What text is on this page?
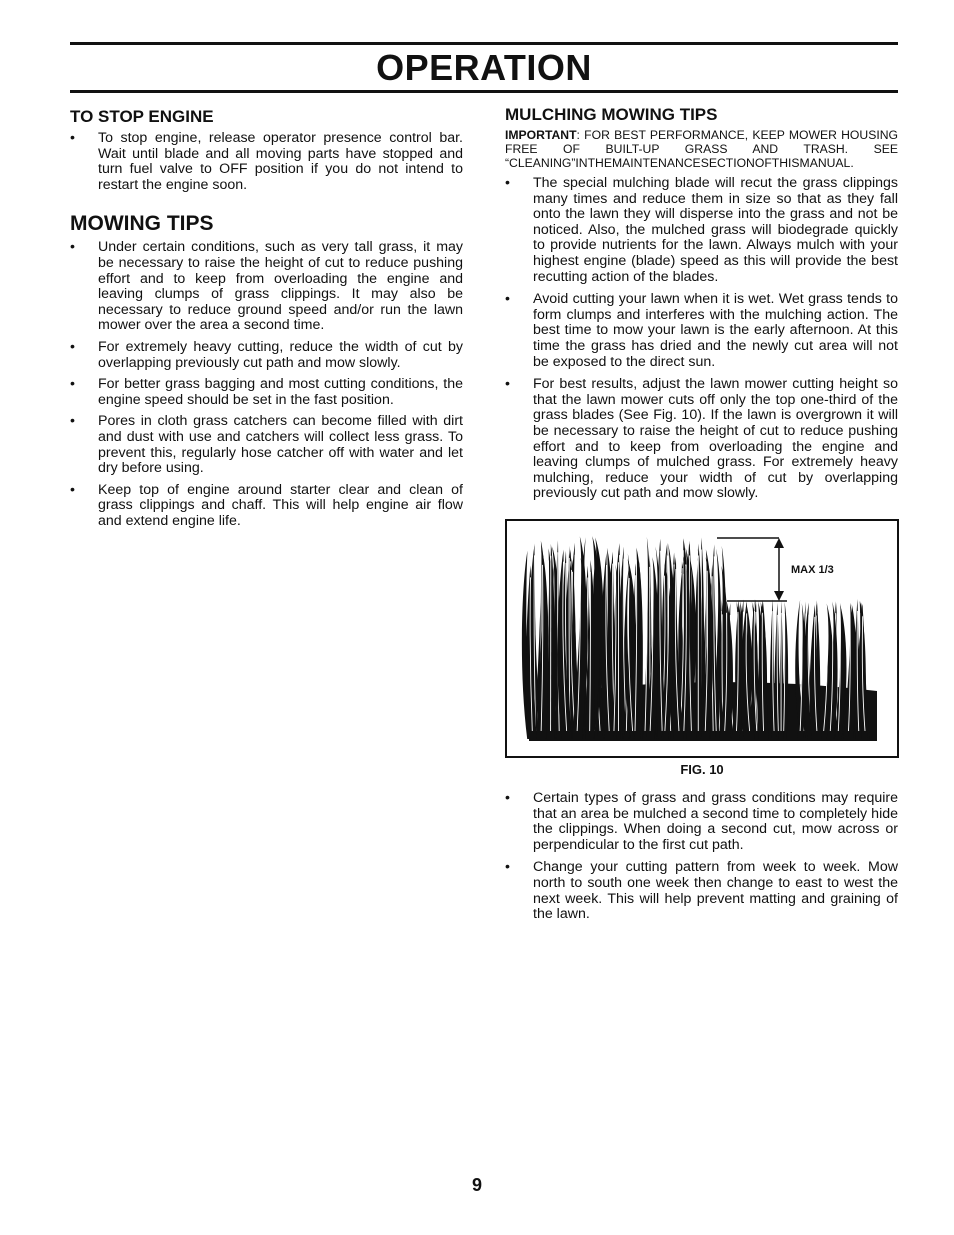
OPERATION
TO STOP ENGINE
• To stop engine, release operator presence control bar. Wait until blade and all moving parts have stopped and turn fuel valve to OFF position if you do not intend to restart the engine soon.
MOWING TIPS
• Under certain conditions, such as very tall grass, it may be necessary to raise the height of cut to reduce pushing effort and to keep from overloading the engine and leaving clumps of grass clippings. It may also be necessary to reduce ground speed and/or run the lawn mower over the area a second time.
• For extremely heavy cutting, reduce the width of cut by overlapping previously cut path and mow slowly.
• For better grass bagging and most cutting conditions, the engine speed should be set in the fast position.
• Pores in cloth grass catchers can become filled with dirt and dust with use and catchers will collect less grass. To prevent this, regularly hose catcher off with water and let dry before using.
• Keep top of engine around starter clear and clean of grass clippings and chaff. This will help engine air flow and extend engine life.
MULCHING MOWING TIPS
IMPORTANT: FOR BEST PERFORMANCE, KEEP MOWER HOUSING FREE OF BUILT-UP GRASS AND TRASH. SEE “CLEANING”INTHEMAINTENANCESECTIONOFTHISMANUAL.
• The special mulching blade will recut the grass clippings many times and reduce them in size so that as they fall onto the lawn they will disperse into the grass and not be noticed. Also, the mulched grass will biodegrade quickly to provide nutrients for the lawn. Always mulch with your highest engine (blade) speed as this will provide the best recutting action of the blades.
• Avoid cutting your lawn when it is wet. Wet grass tends to form clumps and interferes with the mulching action. The best time to mow your lawn is the early afternoon. At this time the grass has dried and the newly cut area will not be exposed to the direct sun.
• For best results, adjust the lawn mower cutting height so that the lawn mower cuts off only the top one-third of the grass blades (See Fig. 10). If the lawn is overgrown it will be necessary to raise the height of cut to reduce pushing effort and to keep from overloading the engine and leaving clumps of mulched grass. For extremely heavy mulching, reduce your width of cut by overlapping previously cut path and mow slowly.
MAX 1/3
FIG. 10
• Certain types of grass and grass conditions may require that an area be mulched a second time to completely hide the clippings. When doing a second cut, mow across or perpendicular to the first cut path.
• Change your cutting pattern from week to week. Mow north to south one week then change to east to west the next week. This will help prevent matting and graining of the lawn.
9
